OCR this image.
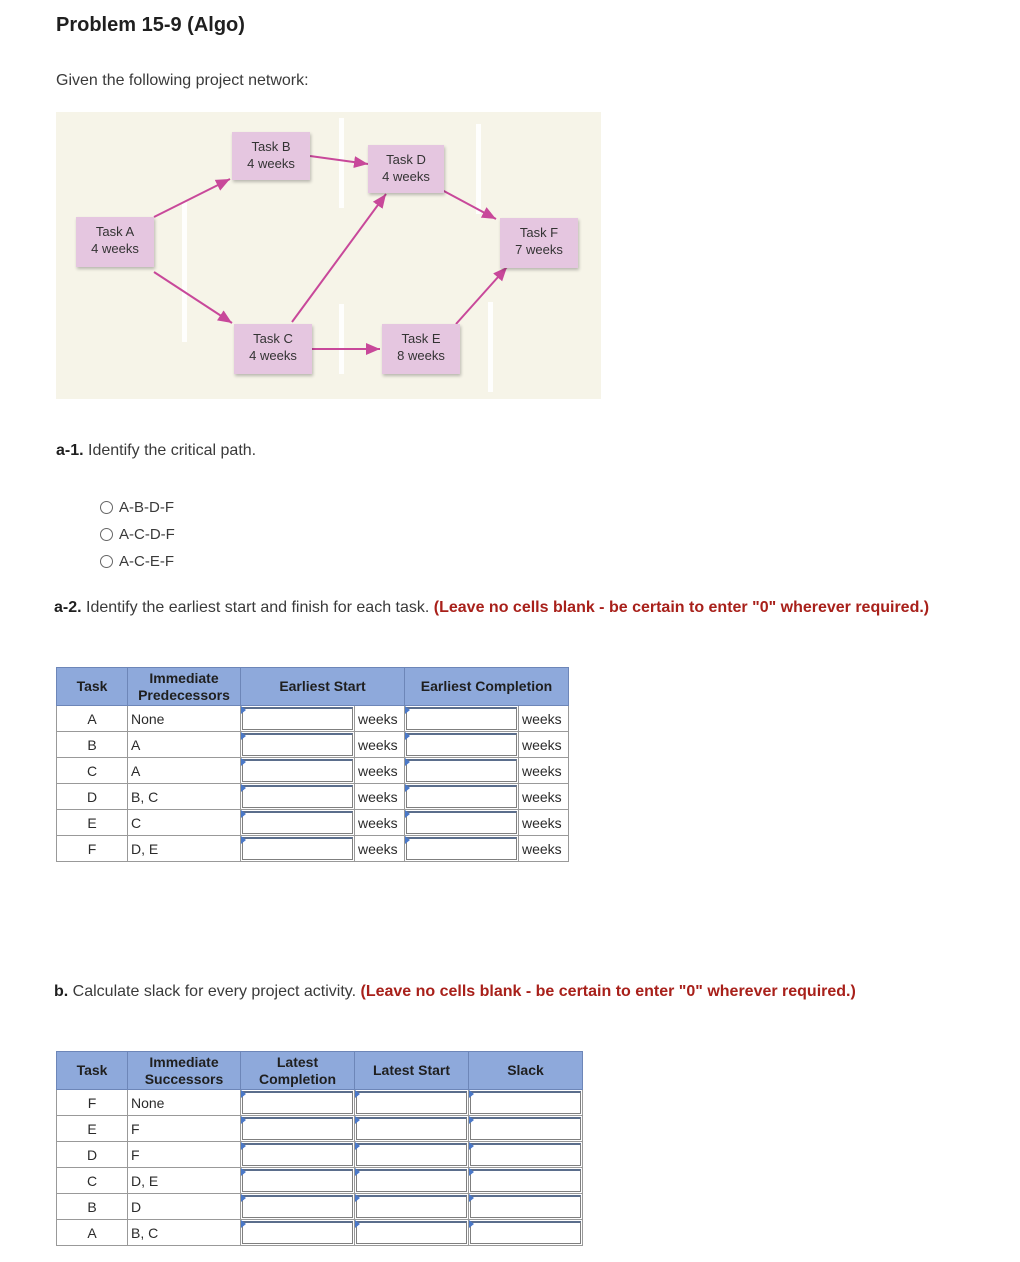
Problem 15-9 (Algo)
Given the following project network:
Task A
4 weeks
Task B
4 weeks
Task C
4 weeks
Task D
4 weeks
Task E
8 weeks
Task F
7 weeks
a-1. Identify the critical path.
A-B-D-F
A-C-D-F
A-C-E-F
a-2. Identify the earliest start and finish for each task. (Leave no cells blank - be certain to enter "0" wherever required.)
Task	Immediate Predecessors	Earliest Start		Earliest Completion	
A	None		weeks		weeks
B	A		weeks		weeks
C	A		weeks		weeks
D	B, C		weeks		weeks
E	C		weeks		weeks
F	D, E		weeks		weeks
b. Calculate slack for every project activity. (Leave no cells blank - be certain to enter "0" wherever required.)
Task	Immediate Successors	Latest Completion	Latest Start	Slack
F	None	

E	F	

D	F	

C	D, E	

B	D	

A	B, C	
